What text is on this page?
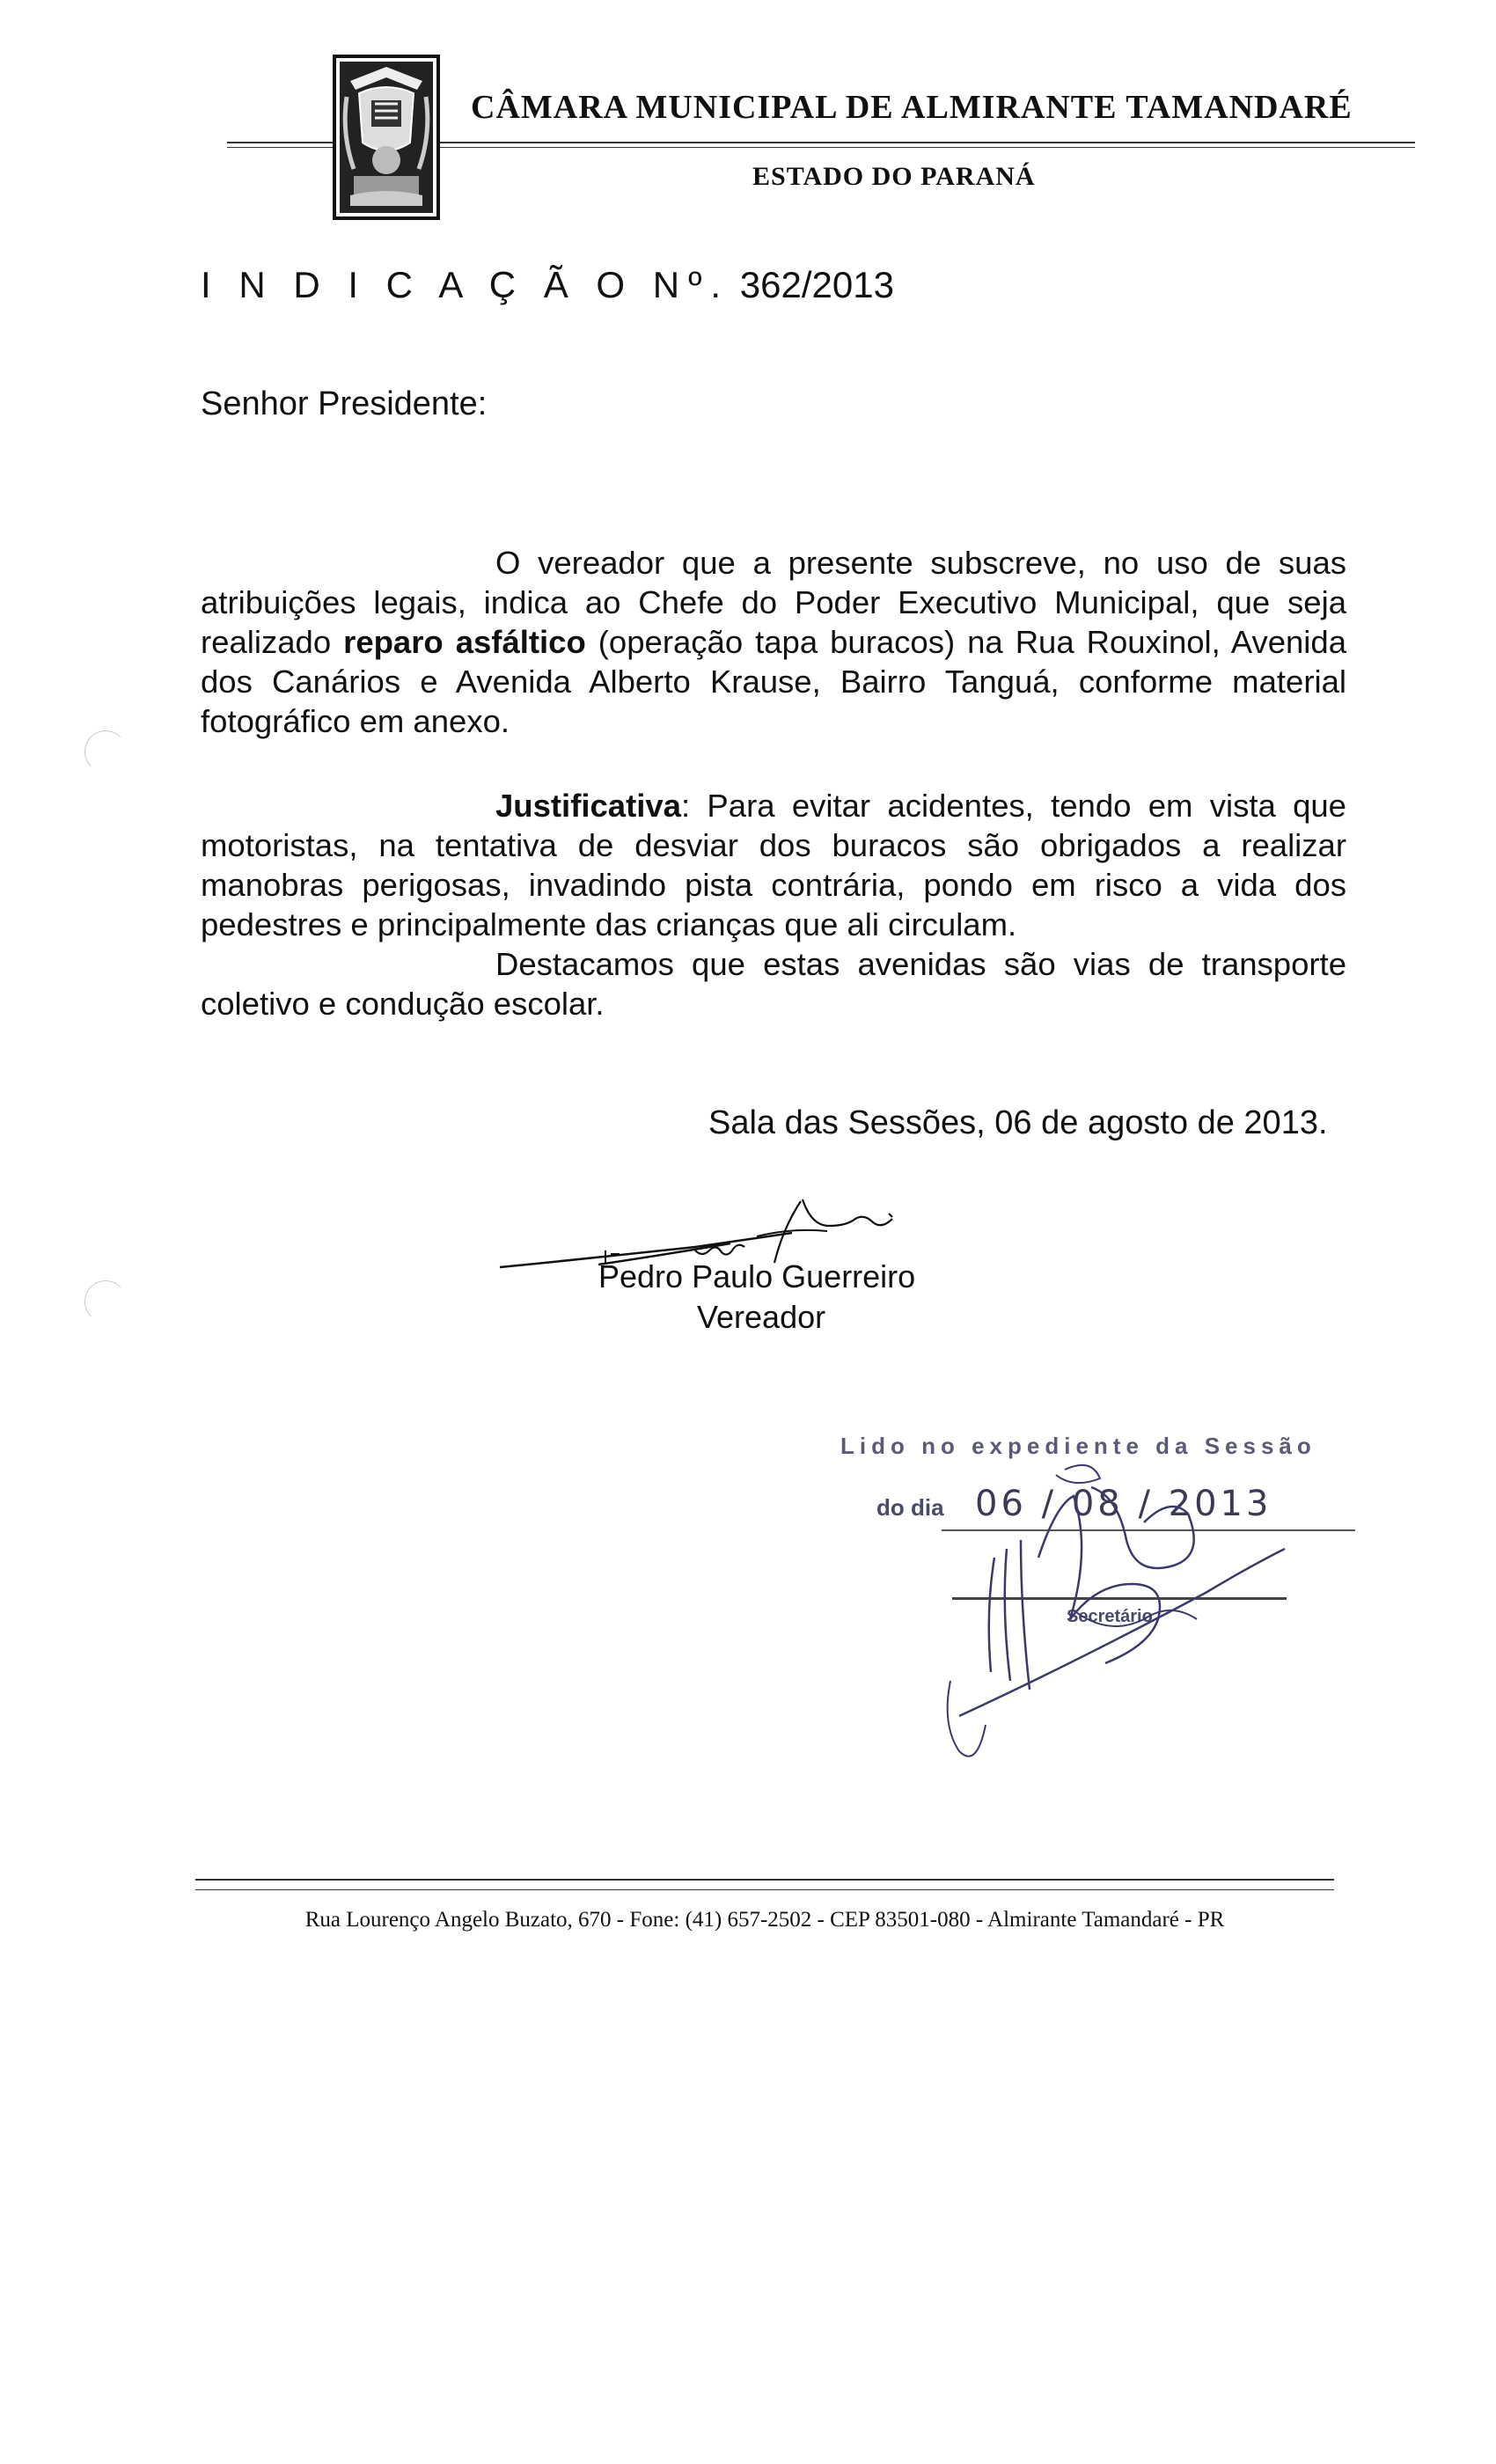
CÂMARA MUNICIPAL DE ALMIRANTE TAMANDARÉ
ESTADO DO PARANÁ
I N D I C A Ç Ã O Nº. 362/2013
Senhor Presidente:

O vereador que a presente subscreve, no uso de suas atribuições legais, indica ao Chefe do Poder Executivo Municipal, que seja realizado reparo asfáltico (operação tapa buracos) na Rua Rouxinol, Avenida dos Canários e Avenida Alberto Krause, Bairro Tanguá, conforme material fotográfico em anexo.

Justificativa: Para evitar acidentes, tendo em vista que motoristas, na tentativa de desviar dos buracos são obrigados a realizar manobras perigosas, invadindo pista contrária, pondo em risco a vida dos pedestres e principalmente das crianças que ali circulam.

Destacamos que estas avenidas são vias de transporte coletivo e condução escolar.

Sala das Sessões, 06 de agosto de 2013.
Pedro Paulo Guerreiro
Vereador
Lido no expediente da Sessão
do dia 06 / 08 / 2013
Secretário
Rua Lourenço Angelo Buzato, 670 - Fone: (41) 657-2502 - CEP 83501-080 - Almirante Tamandaré - PR
